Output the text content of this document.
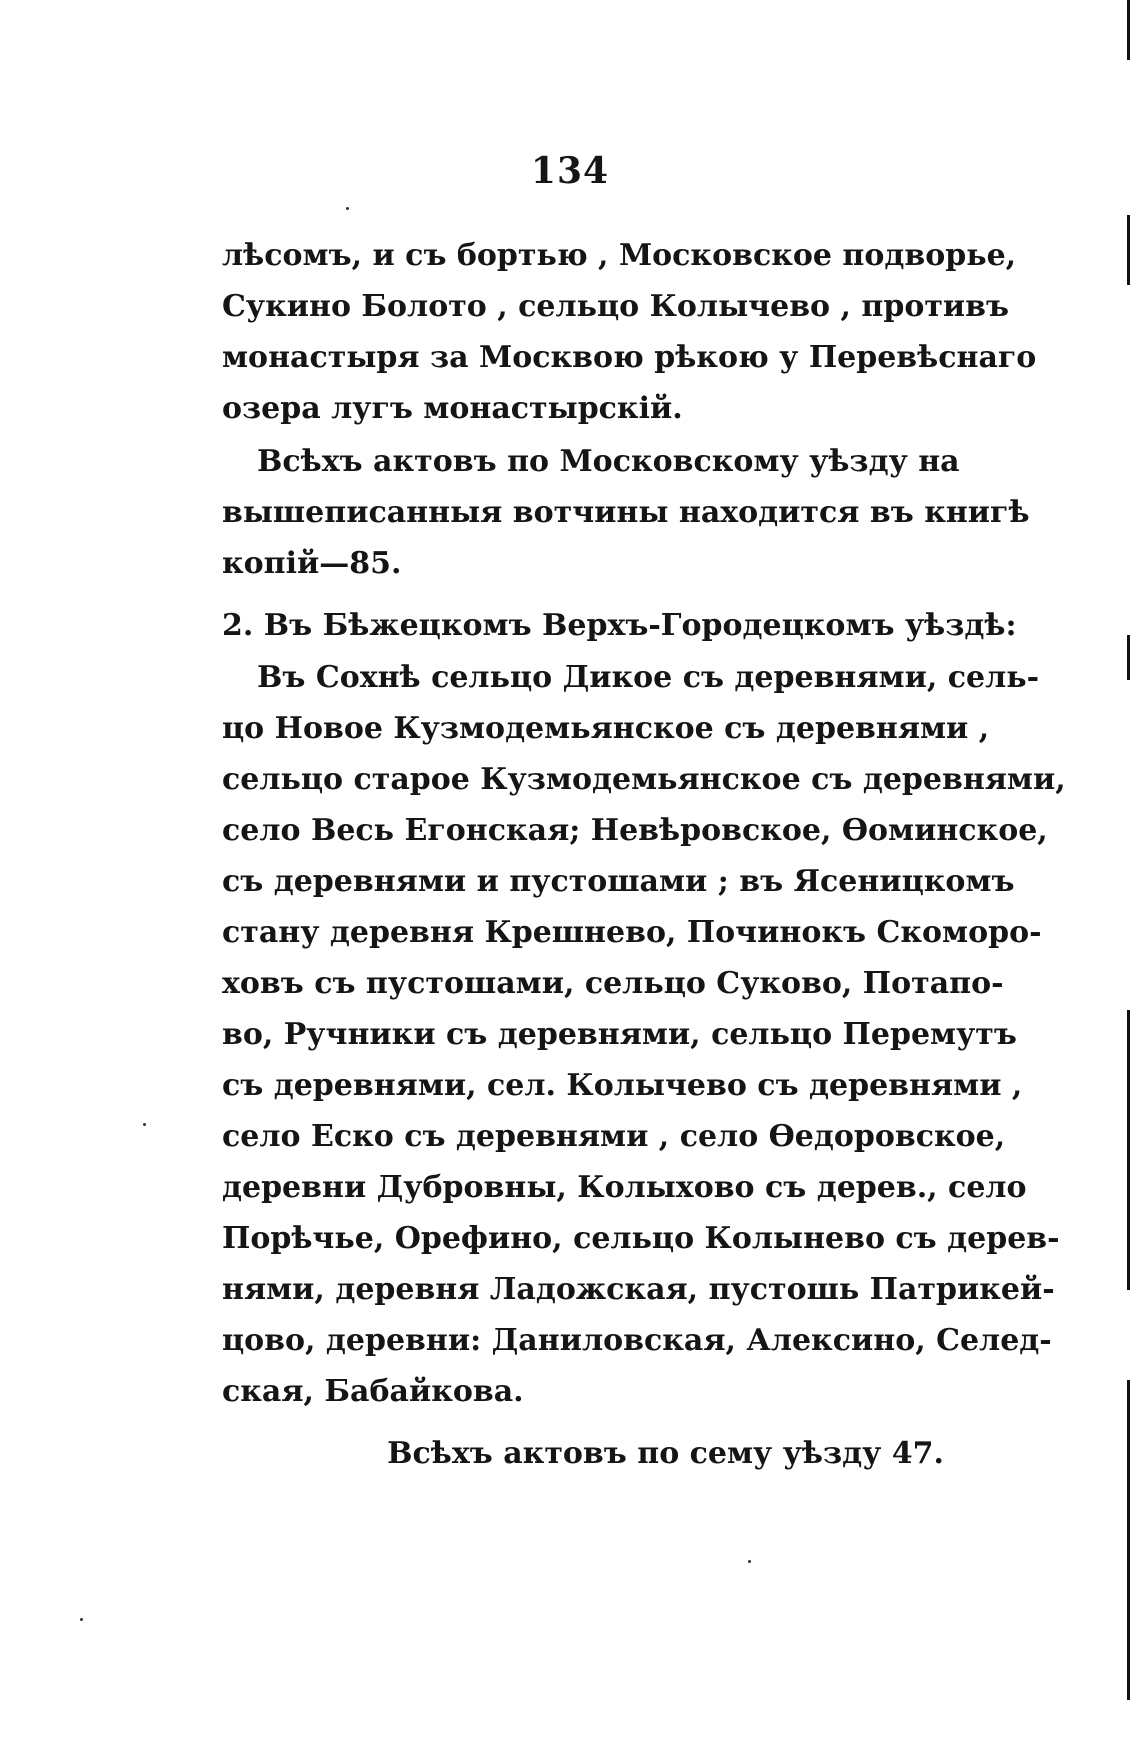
134
лѣсомъ, и съ бортью , Московское подворье,
Сукино Болото , сельцо Колычево , противъ
монастыря за Москвою рѣкою у Перевѣснаго
озера лугъ монастырскій.
Всѣхъ актовъ по Московскому уѣзду на
вышеписанныя вотчины находится въ книгѣ
копій—85.
2. Въ Бѣжецкомъ Верхъ-Городецкомъ уѣздѣ:
Въ Сохнѣ сельцо Дикое съ деревнями, сель-
цо Новое Кузмодемьянское съ деревнями ,
сельцо старое Кузмодемьянское съ деревнями,
село Весь Егонская; Невѣровское, Ѳоминское,
съ деревнями и пустошами ; въ Ясеницкомъ
стану деревня Крешнево, Починокъ Скоморо-
ховъ съ пустошами, сельцо Суково, Потапо-
во, Ручники съ деревнями, сельцо Перемутъ
съ деревнями, сел. Колычево съ деревнями ,
село Еско съ деревнями , село Ѳедоровское,
деревни Дубровны, Колыхово съ дерев., село
Порѣчье, Орефино, сельцо Колынево съ дерев-
нями, деревня Ладожская, пустошь Патрикей-
цово, деревни: Даниловская, Алексино, Селед-
ская, Бабайкова.
Всѣхъ актовъ по сему уѣзду 47.
